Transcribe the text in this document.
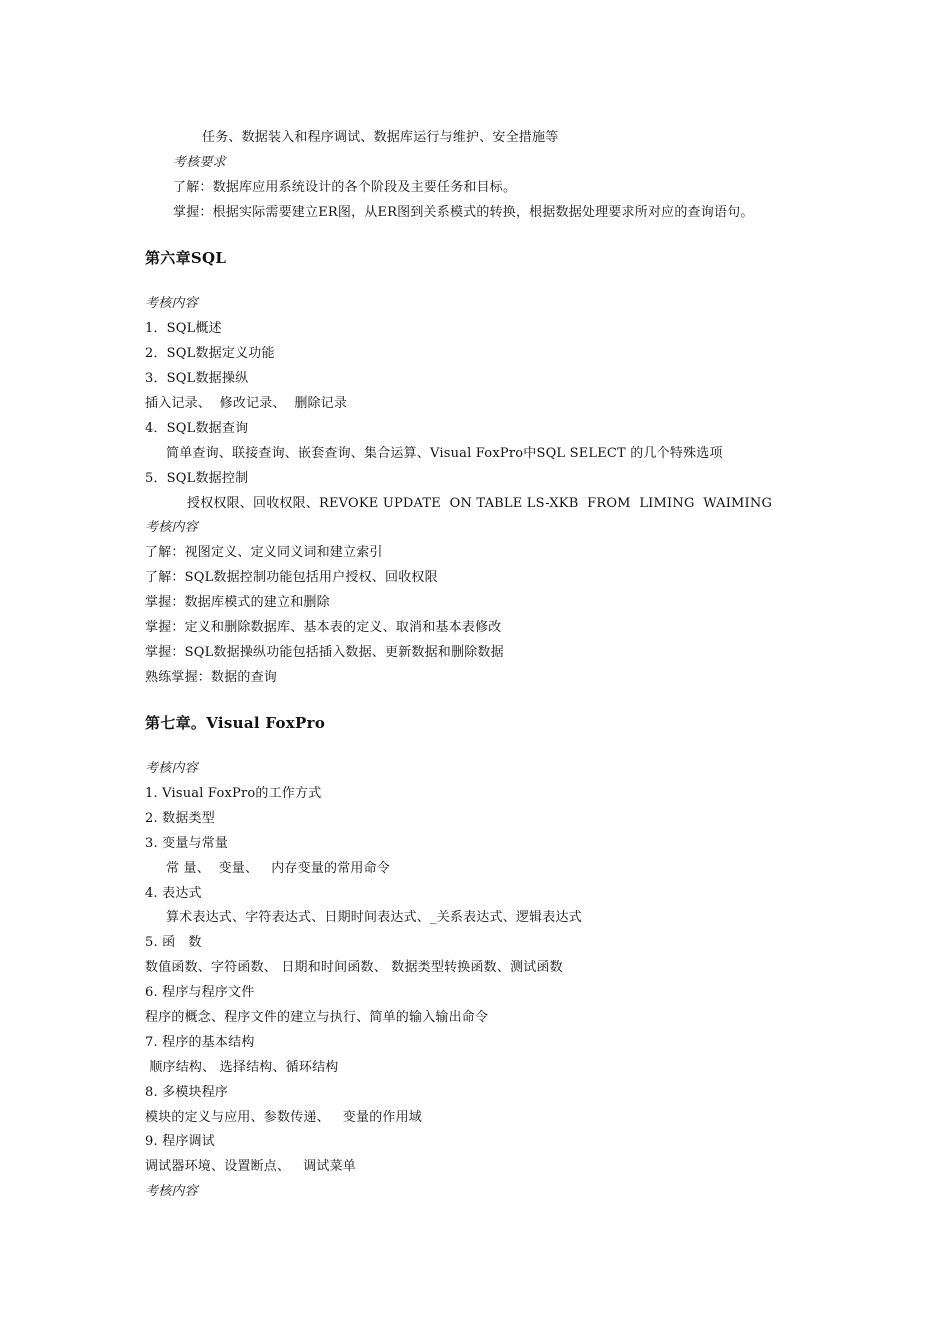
任务、数据装入和程序调试、数据库运行与维护、安全措施等
考核要求
了解：数据库应用系统设计的各个阶段及主要任务和目标。
掌握：根据实际需要建立ER图，从ER图到关系模式的转换，根据数据处理要求所对应的查询语句。
第六章SQL
考核内容
1．SQL概述
2．SQL数据定义功能
3．SQL数据操纵
插入记录、  修改记录、  删除记录
4．SQL数据查询
简单查询、联接查询、嵌套查询、集合运算、Visual FoxPro中SQL SELECT 的几个特殊选项
5．SQL数据控制
授权权限、回收权限、REVOKE UPDATE  ON TABLE LS-XKB  FROM  LIMING  WAIMING
考核内容
了解：视图定义、定义同义词和建立索引
了解：SQL数据控制功能包括用户授权、回收权限
掌握：数据库模式的建立和删除
掌握：定义和删除数据库、基本表的定义、取消和基本表修改
掌握：SQL数据操纵功能包括插入数据、更新数据和删除数据
熟练掌握：数据的查询
第七章。Visual FoxPro
考核内容
1. Visual FoxPro的工作方式
2. 数据类型
3. 变量与常量
常 量、  变量、   内存变量的常用命令
4. 表达式
算术表达式、字符表达式、日期时间表达式、_关系表达式、逻辑表达式
5. 函   数
数值函数、字符函数、 日期和时间函数、 数据类型转换函数、测试函数
6. 程序与程序文件
程序的概念、程序文件的建立与执行、简单的输入输出命令
7. 程序的基本结构
顺序结构、 选择结构、循环结构
8. 多模块程序
模块的定义与应用、参数传递、   变量的作用域
9. 程序调试
调试器环境、设置断点、   调试菜单
考核内容
